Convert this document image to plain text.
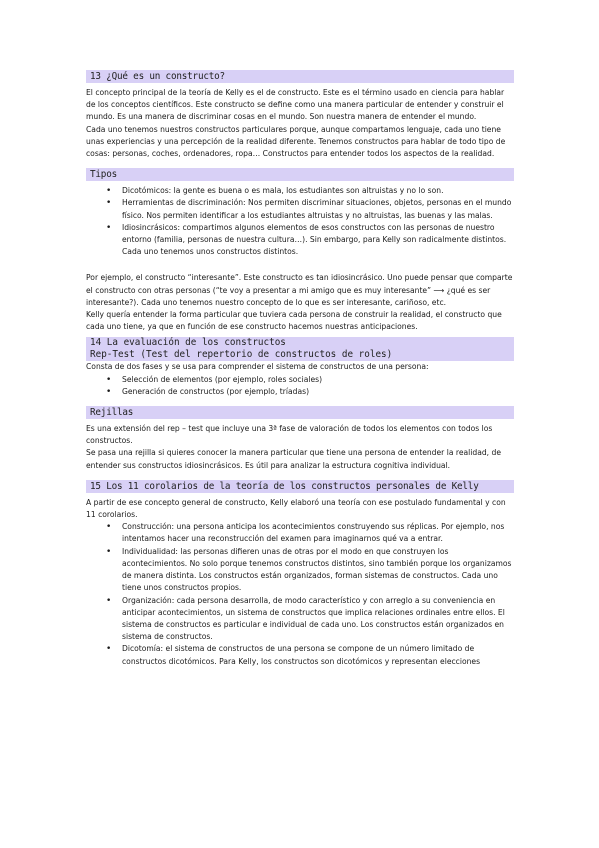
13 ¿Qué es un constructo?

El concepto principal de la teoría de Kelly es el de constructo. Este es el término usado en ciencia para hablar de los conceptos científicos. Este constructo se define como una manera particular de entender y construir el mundo. Es una manera de discriminar cosas en el mundo. Son nuestra manera de entender el mundo.

Cada uno tenemos nuestros constructos particulares porque, aunque compartamos lenguaje, cada uno tiene unas experiencias y una percepción de la realidad diferente. Tenemos constructos para hablar de todo tipo de cosas: personas, coches, ordenadores, ropa… Constructos para entender todos los aspectos de la realidad.

Tipos
• Dicotómicos: la gente es buena o es mala, los estudiantes son altruistas y no lo son.
• Herramientas de discriminación: Nos permiten discriminar situaciones, objetos, personas en el mundo físico. Nos permiten identificar a los estudiantes altruistas y no altruistas, las buenas y las malas.
• Idiosincrásicos: compartimos algunos elementos de esos constructos con las personas de nuestro entorno (familia, personas de nuestra cultura…). Sin embargo, para Kelly son radicalmente distintos. Cada uno tenemos unos constructos distintos.

Por ejemplo, el constructo “interesante”. Este constructo es tan idiosincrásico. Uno puede pensar que comparte el constructo con otras personas (“te voy a presentar a mi amigo que es muy interesante” ⟶ ¿qué es ser interesante?). Cada uno tenemos nuestro concepto de lo que es ser interesante, cariñoso, etc.

Kelly quería entender la forma particular que tuviera cada persona de construir la realidad, el constructo que cada uno tiene, ya que en función de ese constructo hacemos nuestras anticipaciones.

14 La evaluación de los constructos
Rep-Test (Test del repertorio de constructos de roles)

Consta de dos fases y se usa para comprender el sistema de constructos de una persona:

• Selección de elementos (por ejemplo, roles sociales)
• Generación de constructos (por ejemplo, tríadas)
Rejillas

Es una extensión del rep – test que incluye una 3ª fase de valoración de todos los elementos con todos los constructos.

Se pasa una rejilla si quieres conocer la manera particular que tiene una persona de entender la realidad, de entender sus constructos idiosincrásicos. Es útil para analizar la estructura cognitiva individual.

15 Los 11 corolarios de la teoría de los constructos personales de Kelly

A partir de ese concepto general de constructo, Kelly elaboró una teoría con ese postulado fundamental y con 11 corolarios.

• Construcción: una persona anticipa los acontecimientos construyendo sus réplicas. Por ejemplo, nos intentamos hacer una reconstrucción del examen para imaginarnos qué va a entrar.
• Individualidad: las personas difieren unas de otras por el modo en que construyen los acontecimientos. No solo porque tenemos constructos distintos, sino también porque los organizamos de manera distinta. Los constructos están organizados, forman sistemas de constructos. Cada uno tiene unos constructos propios.
• Organización: cada persona desarrolla, de modo característico y con arreglo a su conveniencia en anticipar acontecimientos, un sistema de constructos que implica relaciones ordinales entre ellos. El sistema de constructos es particular e individual de cada uno. Los constructos están organizados en sistema de constructos.
• Dicotomía: el sistema de constructos de una persona se compone de un número limitado de constructos dicotómicos. Para Kelly, los constructos son dicotómicos y representan elecciones
